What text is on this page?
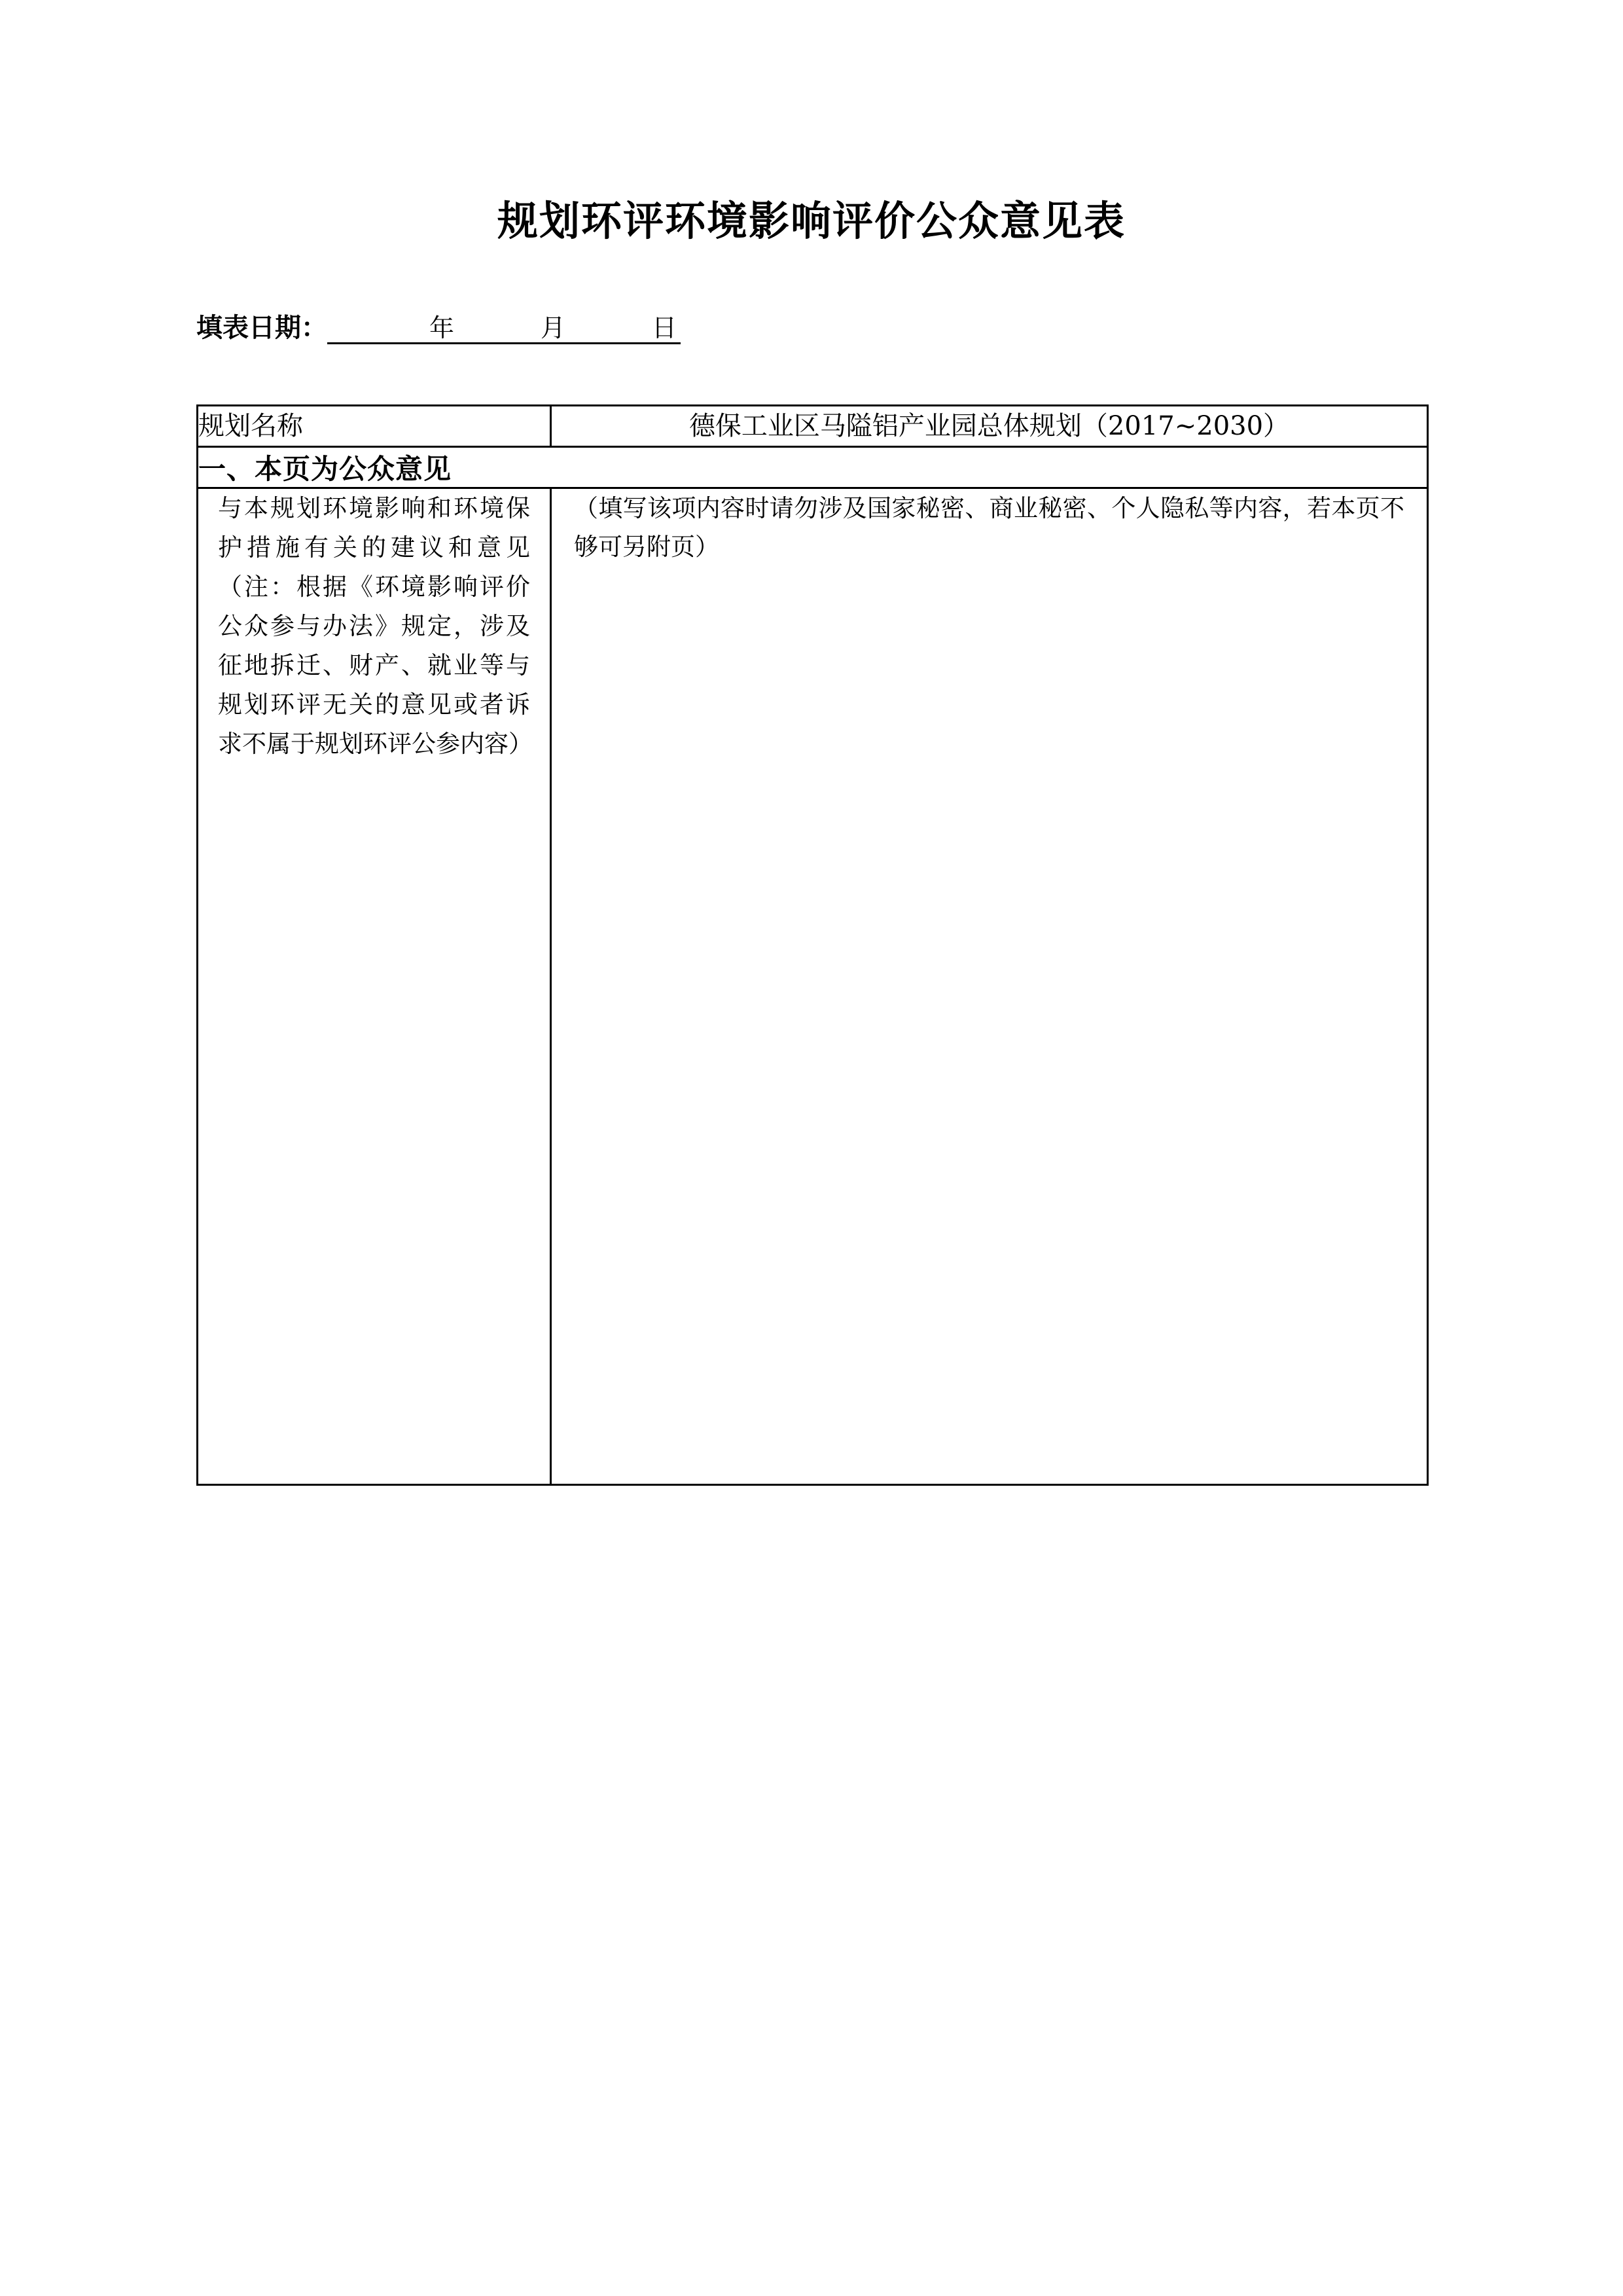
规划环评环境影响评价公众意见表
填表日期：	年	月	日
规划名称	德保工业区马隘铝产业园总体规划（2017~2030）
一、本页为公众意见	

与本规划环境影响和环境保护措施有关的建议和意见（注：根据《环境影响评价公众参与办法》规定，涉及征地拆迁、财产、就业等与规划环评无关的意见或者诉求不属于规划环评公参内容）	（填写该项内容时请勿涉及国家秘密、商业秘密、个人隐私等内容，若本页不够可另附页）
